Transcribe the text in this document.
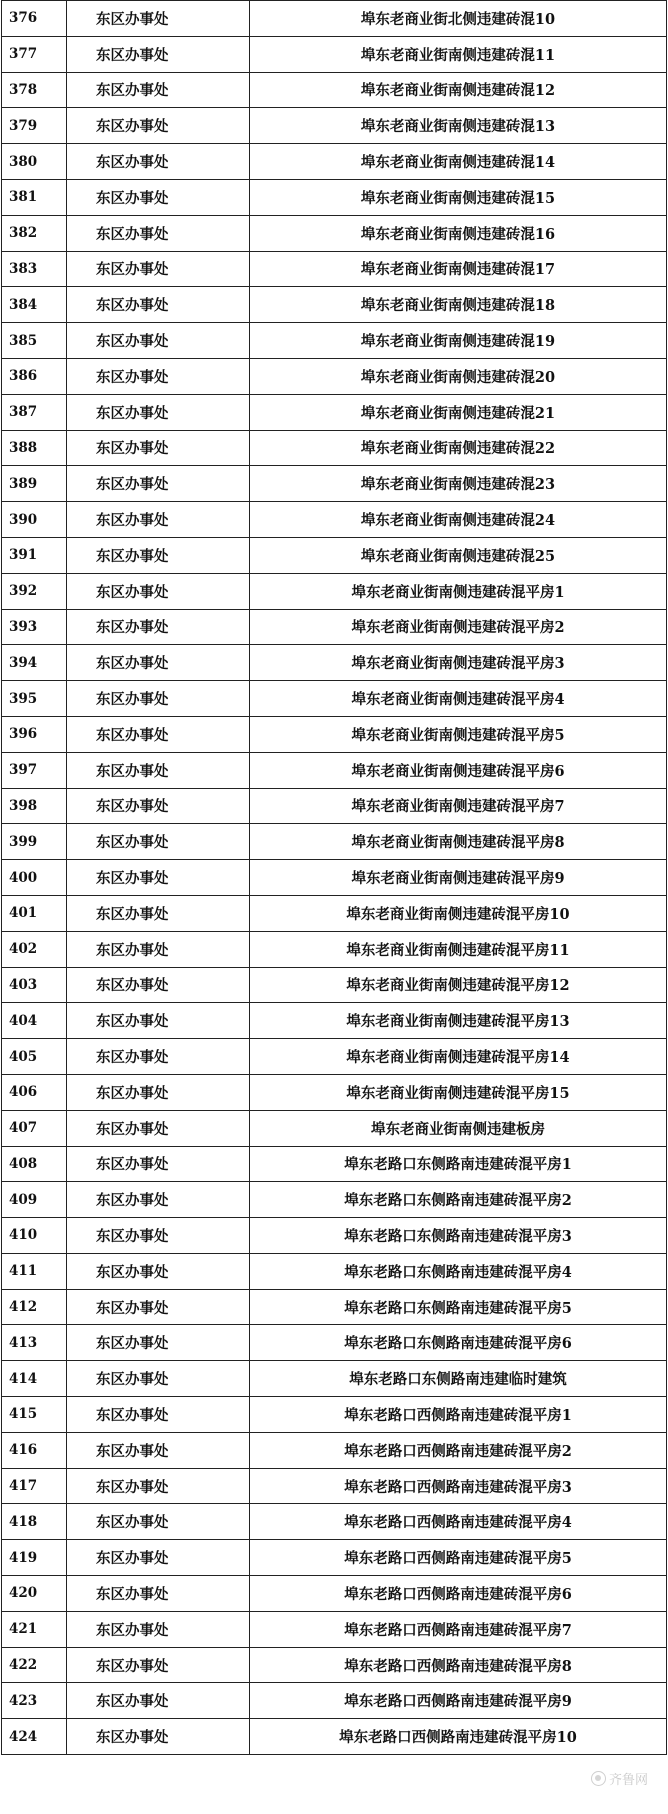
376	东区办事处	埠东老商业街北侧违建砖混10
377	东区办事处	埠东老商业街南侧违建砖混11
378	东区办事处	埠东老商业街南侧违建砖混12
379	东区办事处	埠东老商业街南侧违建砖混13
380	东区办事处	埠东老商业街南侧违建砖混14
381	东区办事处	埠东老商业街南侧违建砖混15
382	东区办事处	埠东老商业街南侧违建砖混16
383	东区办事处	埠东老商业街南侧违建砖混17
384	东区办事处	埠东老商业街南侧违建砖混18
385	东区办事处	埠东老商业街南侧违建砖混19
386	东区办事处	埠东老商业街南侧违建砖混20
387	东区办事处	埠东老商业街南侧违建砖混21
388	东区办事处	埠东老商业街南侧违建砖混22
389	东区办事处	埠东老商业街南侧违建砖混23
390	东区办事处	埠东老商业街南侧违建砖混24
391	东区办事处	埠东老商业街南侧违建砖混25
392	东区办事处	埠东老商业街南侧违建砖混平房1
393	东区办事处	埠东老商业街南侧违建砖混平房2
394	东区办事处	埠东老商业街南侧违建砖混平房3
395	东区办事处	埠东老商业街南侧违建砖混平房4
396	东区办事处	埠东老商业街南侧违建砖混平房5
397	东区办事处	埠东老商业街南侧违建砖混平房6
398	东区办事处	埠东老商业街南侧违建砖混平房7
399	东区办事处	埠东老商业街南侧违建砖混平房8
400	东区办事处	埠东老商业街南侧违建砖混平房9
401	东区办事处	埠东老商业街南侧违建砖混平房10
402	东区办事处	埠东老商业街南侧违建砖混平房11
403	东区办事处	埠东老商业街南侧违建砖混平房12
404	东区办事处	埠东老商业街南侧违建砖混平房13
405	东区办事处	埠东老商业街南侧违建砖混平房14
406	东区办事处	埠东老商业街南侧违建砖混平房15
407	东区办事处	埠东老商业街南侧违建板房
408	东区办事处	埠东老路口东侧路南违建砖混平房1
409	东区办事处	埠东老路口东侧路南违建砖混平房2
410	东区办事处	埠东老路口东侧路南违建砖混平房3
411	东区办事处	埠东老路口东侧路南违建砖混平房4
412	东区办事处	埠东老路口东侧路南违建砖混平房5
413	东区办事处	埠东老路口东侧路南违建砖混平房6
414	东区办事处	埠东老路口东侧路南违建临时建筑
415	东区办事处	埠东老路口西侧路南违建砖混平房1
416	东区办事处	埠东老路口西侧路南违建砖混平房2
417	东区办事处	埠东老路口西侧路南违建砖混平房3
418	东区办事处	埠东老路口西侧路南违建砖混平房4
419	东区办事处	埠东老路口西侧路南违建砖混平房5
420	东区办事处	埠东老路口西侧路南违建砖混平房6
421	东区办事处	埠东老路口西侧路南违建砖混平房7
422	东区办事处	埠东老路口西侧路南违建砖混平房8
423	东区办事处	埠东老路口西侧路南违建砖混平房9
424	东区办事处	埠东老路口西侧路南违建砖混平房10
齐鲁网
